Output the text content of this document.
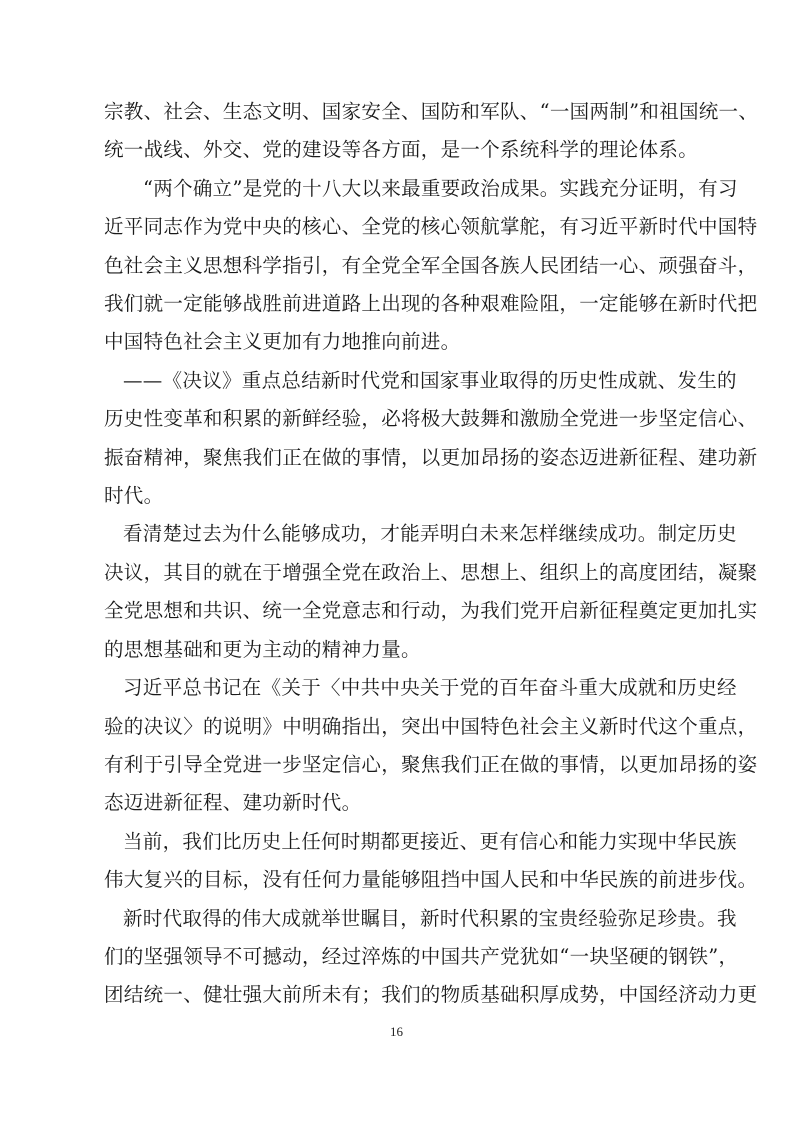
宗教、社会、生态文明、国家安全、国防和军队、“一国两制”和祖国统一、
统一战线、外交、党的建设等各方面，是一个系统科学的理论体系。

“两个确立”是党的十八大以来最重要政治成果。实践充分证明，有习
近平同志作为党中央的核心、全党的核心领航掌舵，有习近平新时代中国特
色社会主义思想科学指引，有全党全军全国各族人民团结一心、顽强奋斗，
我们就一定能够战胜前进道路上出现的各种艰难险阻，一定能够在新时代把
中国特色社会主义更加有力地推向前进。

——《决议》重点总结新时代党和国家事业取得的历史性成就、发生的
历史性变革和积累的新鲜经验，必将极大鼓舞和激励全党进一步坚定信心、
振奋精神，聚焦我们正在做的事情，以更加昂扬的姿态迈进新征程、建功新
时代。

看清楚过去为什么能够成功，才能弄明白未来怎样继续成功。制定历史
决议，其目的就在于增强全党在政治上、思想上、组织上的高度团结，凝聚
全党思想和共识、统一全党意志和行动，为我们党开启新征程奠定更加扎实
的思想基础和更为主动的精神力量。

习近平总书记在《关于〈中共中央关于党的百年奋斗重大成就和历史经
验的决议〉的说明》中明确指出，突出中国特色社会主义新时代这个重点，
有利于引导全党进一步坚定信心，聚焦我们正在做的事情，以更加昂扬的姿
态迈进新征程、建功新时代。

当前，我们比历史上任何时期都更接近、更有信心和能力实现中华民族
伟大复兴的目标，没有任何力量能够阻挡中国人民和中华民族的前进步伐。

新时代取得的伟大成就举世瞩目，新时代积累的宝贵经验弥足珍贵。我
们的坚强领导不可撼动，经过淬炼的中国共产党犹如“一块坚硬的钢铁”，
团结统一、健壮强大前所未有；我们的物质基础积厚成势，中国经济动力更

16
